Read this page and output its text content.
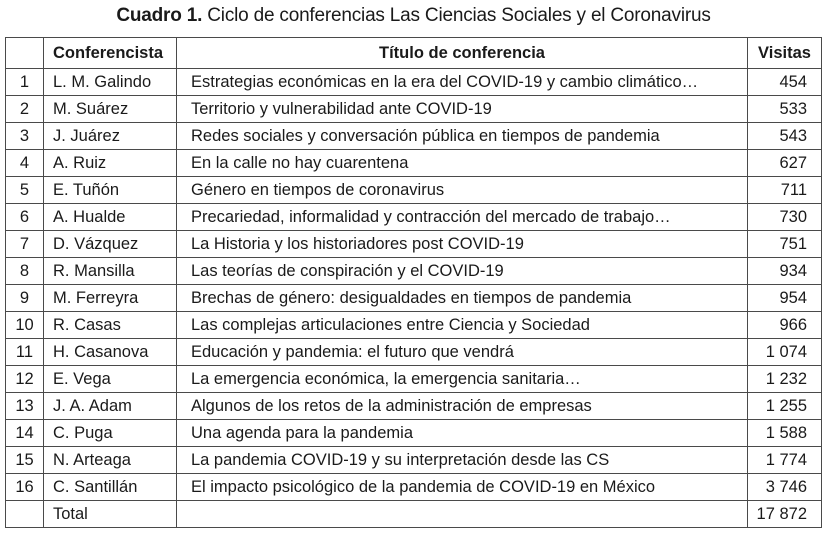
Cuadro 1. Ciclo de conferencias Las Ciencias Sociales y el Coronavirus
	Conferencista	Título de conferencia	Visitas
1	L. M. Galindo	Estrategias económicas en la era del COVID-19 y cambio climático…	454
2	M. Suárez	Territorio y vulnerabilidad ante COVID-19	533
3	J. Juárez	Redes sociales y conversación pública en tiempos de pandemia	543
4	A. Ruiz	En la calle no hay cuarentena	627
5	E. Tuñón	Género en tiempos de coronavirus	711
6	A. Hualde	Precariedad, informalidad y contracción del mercado de trabajo…	730
7	D. Vázquez	La Historia y los historiadores post COVID-19	751
8	R. Mansilla	Las teorías de conspiración y el COVID-19	934
9	M. Ferreyra	Brechas de género: desigualdades en tiempos de pandemia	954
10	R. Casas	Las complejas articulaciones entre Ciencia y Sociedad	966
11	H. Casanova	Educación y pandemia: el futuro que vendrá	1 074
12	E. Vega	La emergencia económica, la emergencia sanitaria…	1 232
13	J. A. Adam	Algunos de los retos de la administración de empresas	1 255
14	C. Puga	Una agenda para la pandemia	1 588
15	N. Arteaga	La pandemia COVID-19 y su interpretación desde las CS	1 774
16	C. Santillán	El impacto psicológico de la pandemia de COVID-19 en México	3 746
	Total		17 872
